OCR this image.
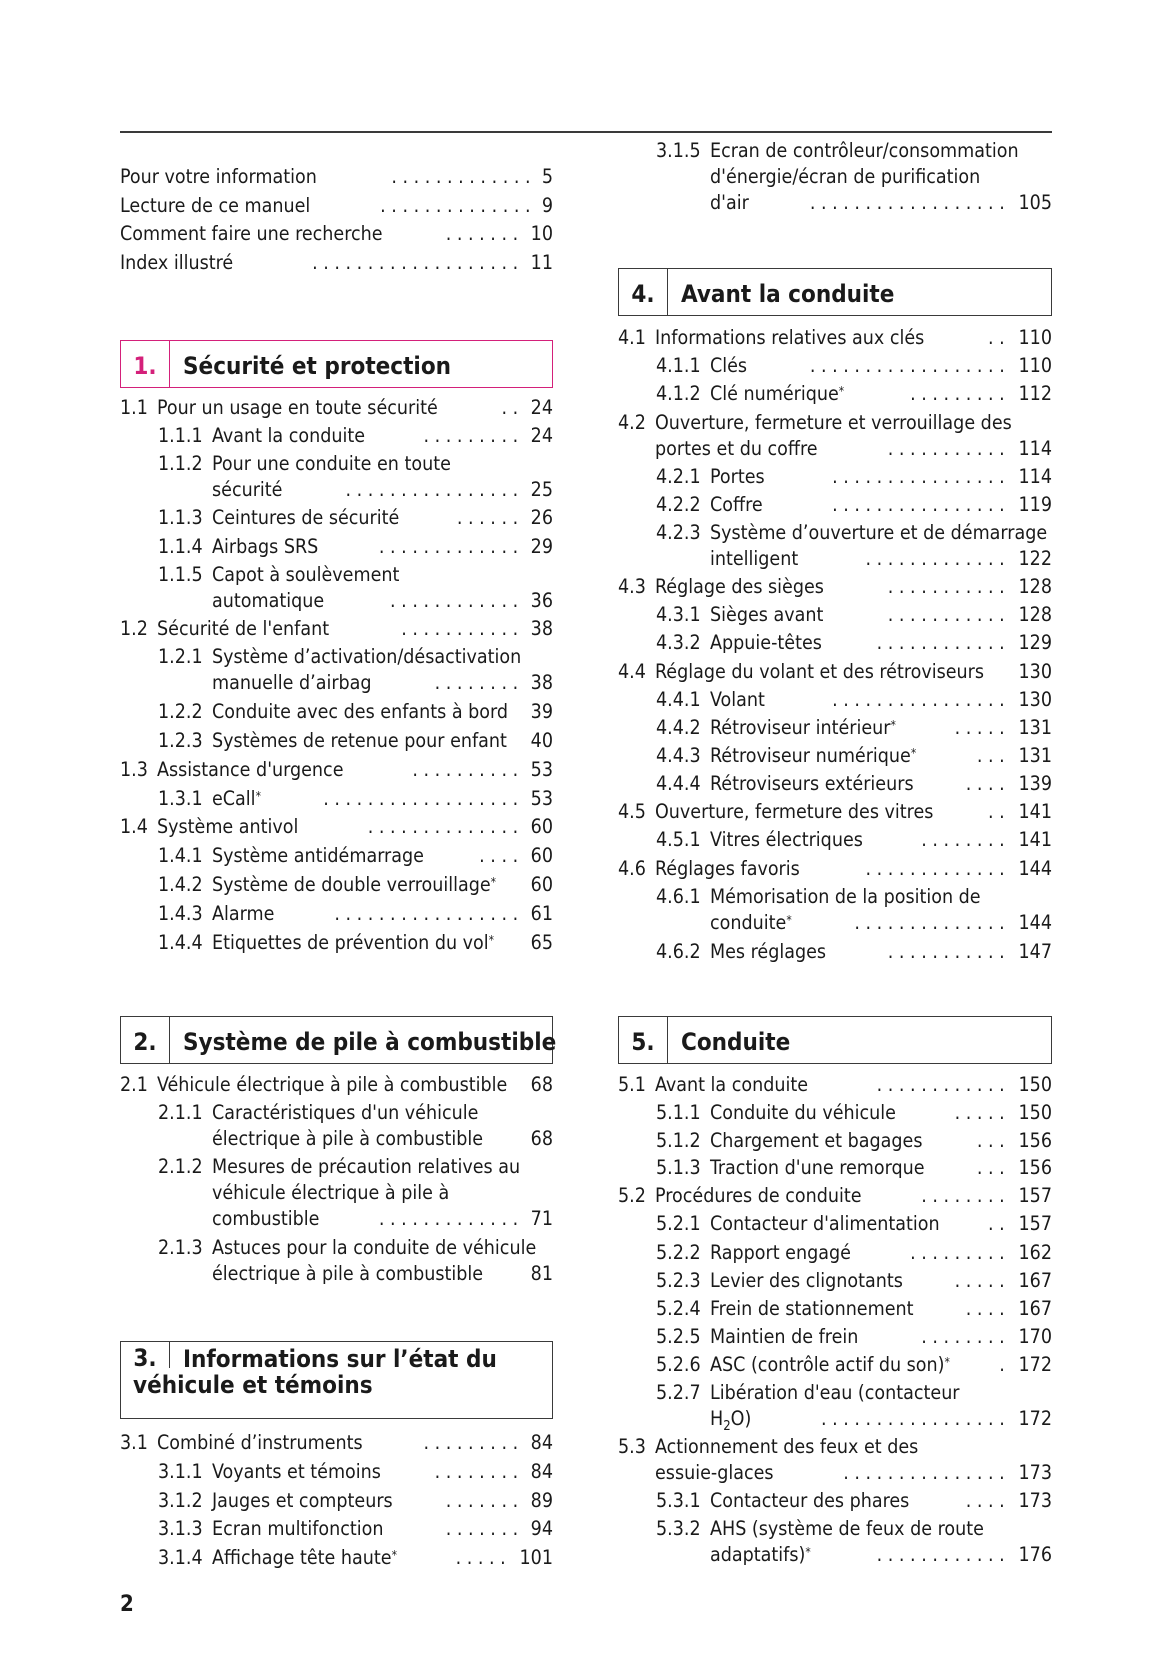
Pour votre information	5
. . . . . . . . . . . . .
Lecture de ce manuel	9
. . . . . . . . . . . . . .
Comment faire une recherche	10
. . . . . . .
Index illustré	11
. . . . . . . . . . . . . . . . . . .
1.	Sécurité et protection
1.1 Pour un usage en toute sécurité	24
. .
1.1.1 Avant la conduite	24
. . . . . . . . .
1.1.2 Pour une conduite en toute
sécurité	25
. . . . . . . . . . . . . . . .
1.1.3 Ceintures de sécurité	26
. . . . . .
1.1.4 Airbags SRS	29
. . . . . . . . . . . . .
1.1.5 Capot à soulèvement
automatique	36
. . . . . . . . . . . .
1.2 Sécurité de l'enfant	38
. . . . . . . . . . .
1.2.1 Système d’activation/désactivation
manuelle d’airbag	38
. . . . . . . .
1.2.2 Conduite avec des enfants à bord 39
1.2.3 Systèmes de retenue pour enfant 40
1.3 Assistance d'urgence	53
. . . . . . . . . .
1.3.1 eCall*	53
. . . . . . . . . . . . . . . . . .
1.4 Système antivol	60
. . . . . . . . . . . . . .
1.4.1 Système antidémarrage	60
. . . .
1.4.2 Système de double verrouillage* 60
1.4.3 Alarme	61
. . . . . . . . . . . . . . . . .
1.4.4 Etiquettes de prévention du vol* 65
2.	Système de pile à combustible
2.1 Véhicule électrique à pile à combustible 68
2.1.1 Caractéristiques d'un véhicule
électrique à pile à combustible 68
2.1.2 Mesures de précaution relatives au
véhicule électrique à pile à
combustible	71
. . . . . . . . . . . . .
2.1.3 Astuces pour la conduite de véhicule
électrique à pile à combustible 81
3.	Informations sur l’état du
véhicule et témoins
3.1 Combiné d’instruments	84
. . . . . . . . .
3.1.1 Voyants et témoins	84
. . . . . . . .
3.1.2 Jauges et compteurs	89
. . . . . . .
3.1.3 Ecran multifonction	94
. . . . . . .
3.1.4 Affichage tête haute*	101
. . . . .
3.1.5 Ecran de contrôleur/consommation
d'énergie/écran de purification
d'air	105
. . . . . . . . . . . . . . . . . .
4.	Avant la conduite
4.1 Informations relatives aux clés	110
. .
4.1.1 Clés	110
. . . . . . . . . . . . . . . . . .
4.1.2 Clé numérique*	112
. . . . . . . . .
4.2 Ouverture, fermeture et verrouillage des
portes et du coffre	114
. . . . . . . . . . .
4.2.1 Portes	114
. . . . . . . . . . . . . . . .
4.2.2 Coffre	119
. . . . . . . . . . . . . . . .
4.2.3 Système d’ouverture et de démarrage
intelligent	122
. . . . . . . . . . . . .
4.3 Réglage des sièges	128
. . . . . . . . . . .
4.3.1 Sièges avant	128
. . . . . . . . . . .
4.3.2 Appuie-têtes	129
. . . . . . . . . . . .
4.4 Réglage du volant et des rétroviseurs 130
4.4.1 Volant	130
. . . . . . . . . . . . . . . .
4.4.2 Rétroviseur intérieur*	131
. . . . .
4.4.3 Rétroviseur numérique*	131
. . .
4.4.4 Rétroviseurs extérieurs	139
. . . .
4.5 Ouverture, fermeture des vitres	141
. .
4.5.1 Vitres électriques	141
. . . . . . . .
4.6 Réglages favoris	144
. . . . . . . . . . . . .
4.6.1 Mémorisation de la position de
conduite*	144
. . . . . . . . . . . . . .
4.6.2 Mes réglages	147
. . . . . . . . . . .
5.	Conduite
5.1 Avant la conduite	150
. . . . . . . . . . . .
5.1.1 Conduite du véhicule	150
. . . . .
5.1.2 Chargement et bagages	156
. . .
5.1.3 Traction d'une remorque	156
. . .
5.2 Procédures de conduite	157
. . . . . . . .
5.2.1 Contacteur d'alimentation	157
. .
5.2.2 Rapport engagé	162
. . . . . . . . .
5.2.3 Levier des clignotants	167
. . . . .
5.2.4 Frein de stationnement	167
. . . .
5.2.5 Maintien de frein	170
. . . . . . . .
5.2.6 ASC (contrôle actif du son)*	172
.
5.2.7 Libération d'eau (contacteur
$H_2O$)	172
. . . . . . . . . . . . . . . . .
5.3 Actionnement des feux et des
essuie-glaces	173
. . . . . . . . . . . . . . .
5.3.1 Contacteur des phares	173
. . . .
5.3.2 AHS (système de feux de route
adaptatifs)*	176
. . . . . . . . . . . .
2
